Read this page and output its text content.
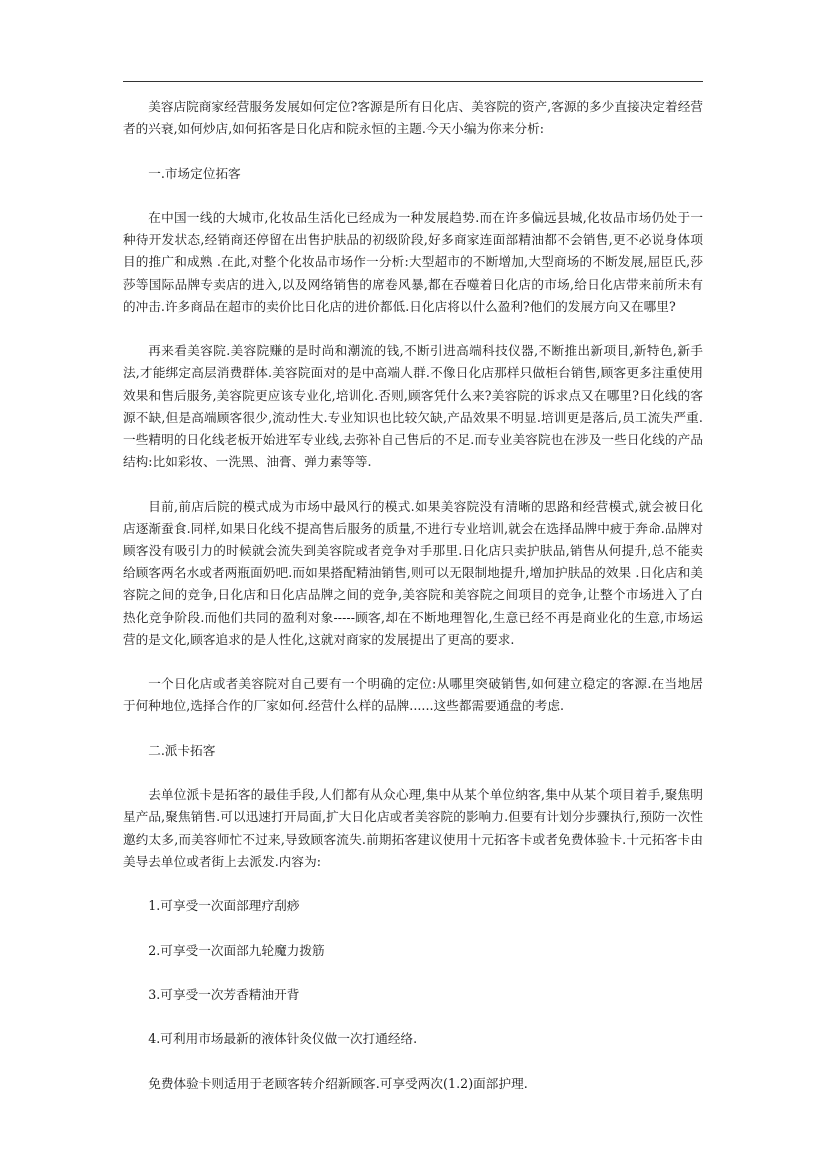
美容店院商家经营服务发展如何定位?客源是所有日化店、美容院的资产,客源的多少直接决定着经营者的兴衰,如何炒店,如何拓客是日化店和院永恒的主题.今天小编为你来分析:

一.市场定位拓客

在中国一线的大城市,化妆品生活化已经成为一种发展趋势.而在许多偏远县城,化妆品市场仍处于一种待开发状态,经销商还停留在出售护肤品的初级阶段,好多商家连面部精油都不会销售,更不必说身体项目的推广和成熟 .在此,对整个化妆品市场作一分析:大型超市的不断增加,大型商场的不断发展,屈臣氏,莎莎等国际品牌专卖店的进入,以及网络销售的席卷风暴,都在吞噬着日化店的市场,给日化店带来前所未有的冲击.许多商品在超市的卖价比日化店的进价都低.日化店将以什么盈利?他们的发展方向又在哪里?

再来看美容院.美容院赚的是时尚和潮流的钱,不断引进高端科技仪器,不断推出新项目,新特色,新手法,才能绑定高层消费群体.美容院面对的是中高端人群.不像日化店那样只做柜台销售,顾客更多注重使用效果和售后服务,美容院更应该专业化,培训化.否则,顾客凭什么来?美容院的诉求点又在哪里?日化线的客源不缺,但是高端顾客很少,流动性大.专业知识也比较欠缺,产品效果不明显.培训更是落后,员工流失严重.一些精明的日化线老板开始进军专业线,去弥补自己售后的不足.而专业美容院也在涉及一些日化线的产品结构:比如彩妆、一洗黑、油膏、弹力素等等.

目前,前店后院的模式成为市场中最风行的模式.如果美容院没有清晰的思路和经营模式,就会被日化店逐渐蚕食.同样,如果日化线不提高售后服务的质量,不进行专业培训,就会在选择品牌中疲于奔命.品牌对顾客没有吸引力的时候就会流失到美容院或者竞争对手那里.日化店只卖护肤品,销售从何提升,总不能卖给顾客两名水或者两瓶面奶吧.而如果搭配精油销售,则可以无限制地提升,增加护肤品的效果 .日化店和美容院之间的竞争,日化店和日化店品牌之间的竞争,美容院和美容院之间项目的竞争,让整个市场进入了白热化竞争阶段.而他们共同的盈利对象-----顾客,却在不断地理智化,生意已经不再是商业化的生意,市场运营的是文化,顾客追求的是人性化,这就对商家的发展提出了更高的要求.

一个日化店或者美容院对自己要有一个明确的定位:从哪里突破销售,如何建立稳定的客源.在当地居于何种地位,选择合作的厂家如何.经营什么样的品牌......这些都需要通盘的考虑.

二.派卡拓客

去单位派卡是拓客的最佳手段,人们都有从众心理,集中从某个单位纳客,集中从某个项目着手,聚焦明星产品,聚焦销售.可以迅速打开局面,扩大日化店或者美容院的影响力.但要有计划分步骤执行,预防一次性邀约太多,而美容师忙不过来,导致顾客流失.前期拓客建议使用十元拓客卡或者免费体验卡.十元拓客卡由美导去单位或者街上去派发.内容为:

1.可享受一次面部理疗刮痧

2.可享受一次面部九轮魔力拨筋

3.可享受一次芳香精油开背

4.可利用市场最新的液体针灸仪做一次打通经络.

免费体验卡则适用于老顾客转介绍新顾客.可享受两次(1.2)面部护理.
